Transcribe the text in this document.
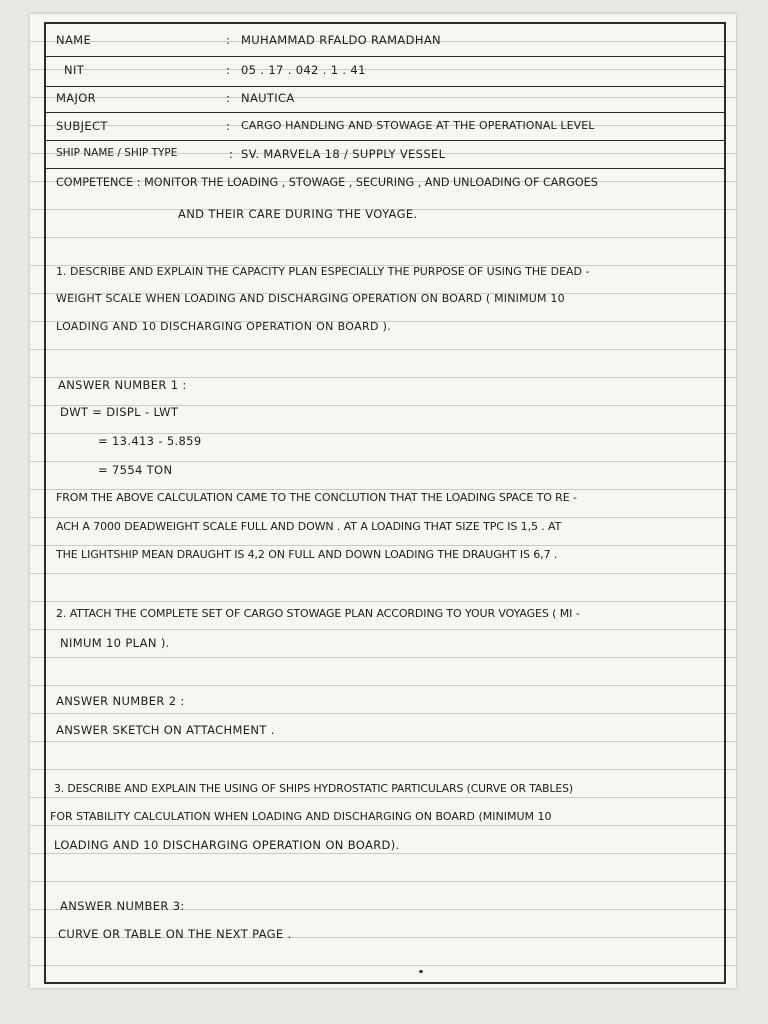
NAME	: MUHAMMAD RFALDO RAMADHAN
NIT	: 05 . 17 . 042 . 1 . 41
MAJOR	: NAUTICA
SUBJECT	: CARGO HANDLING AND STOWAGE AT THE OPERATIONAL LEVEL
SHIP NAME / SHIP TYPE	: SV. MARVELA 18 / SUPPLY VESSEL
COMPETENCE : MONITOR THE LOADING , STOWAGE , SECURING , AND UNLOADING OF CARGOES
AND THEIR CARE DURING THE VOYAGE.
1. DESCRIBE AND EXPLAIN THE CAPACITY PLAN ESPECIALLY THE PURPOSE OF USING THE DEAD -
WEIGHT SCALE WHEN LOADING AND DISCHARGING OPERATION ON BOARD ( MINIMUM 10
LOADING AND 10 DISCHARGING OPERATION ON BOARD ).
ANSWER NUMBER 1 :
DWT = DISPL - LWT
= 13.413 - 5.859
= 7554 TON
FROM THE ABOVE CALCULATION CAME TO THE CONCLUTION THAT THE LOADING SPACE TO RE -
ACH A 7000 DEADWEIGHT SCALE FULL AND DOWN . AT A LOADING THAT SIZE TPC IS 1,5 . AT
THE LIGHTSHIP MEAN DRAUGHT IS 4,2 ON FULL AND DOWN LOADING THE DRAUGHT IS 6,7 .
2. ATTACH THE COMPLETE SET OF CARGO STOWAGE PLAN ACCORDING TO YOUR VOYAGES ( MI -
NIMUM 10 PLAN ).
ANSWER NUMBER 2 :
ANSWER SKETCH ON ATTACHMENT .
3. DESCRIBE AND EXPLAIN THE USING OF SHIPS HYDROSTATIC PARTICULARS (CURVE OR TABLES)
FOR STABILITY CALCULATION WHEN LOADING AND DISCHARGING ON BOARD (MINIMUM 10
LOADING AND 10 DISCHARGING OPERATION ON BOARD).
ANSWER NUMBER 3:
CURVE OR TABLE ON THE NEXT PAGE .
